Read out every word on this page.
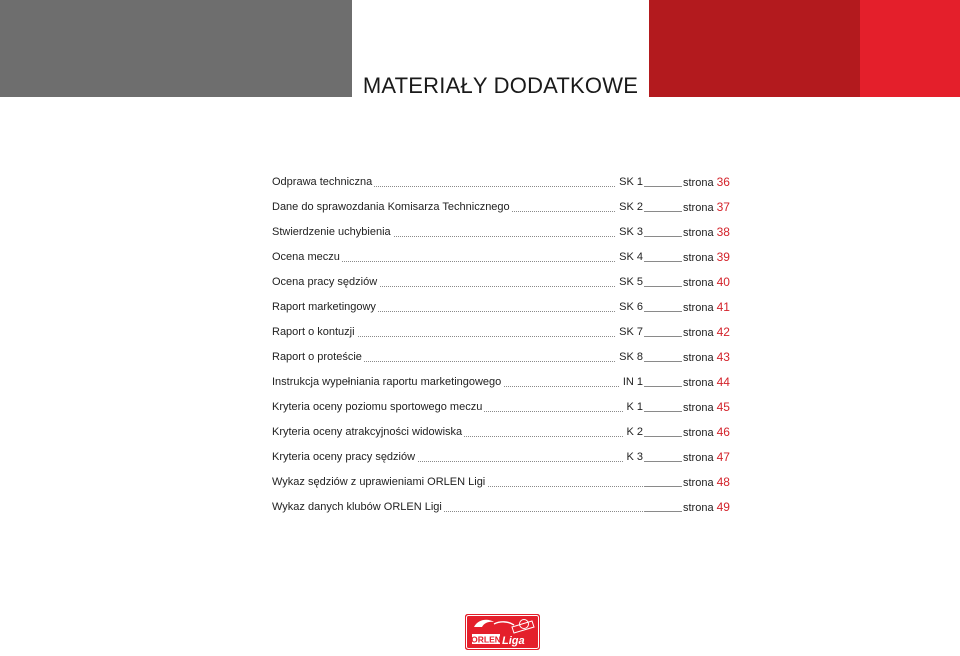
MATERIAŁY DODATKOWE
Odprawa techniczna	SK 1	strona 36
Dane do sprawozdania Komisarza Technicznego	SK 2	strona 37
Stwierdzenie uchybienia	SK 3	strona 38
Ocena meczu	SK 4	strona 39
Ocena pracy sędziów	SK 5	strona 40
Raport marketingowy	SK 6	strona 41
Raport o kontuzji	SK 7	strona 42
Raport o proteście	SK 8	strona 43
Instrukcja wypełniania raportu marketingowego	IN 1	strona 44
Kryteria oceny poziomu sportowego meczu	K 1	strona 45
Kryteria oceny atrakcyjności widowiska	K 2	strona 46
Kryteria oceny pracy sędziów	K 3	strona 47
Wykaz sędziów z uprawieniami ORLEN Ligi	strona 48
Wykaz danych klubów ORLEN Ligi	strona 49
ORLEN Liga
